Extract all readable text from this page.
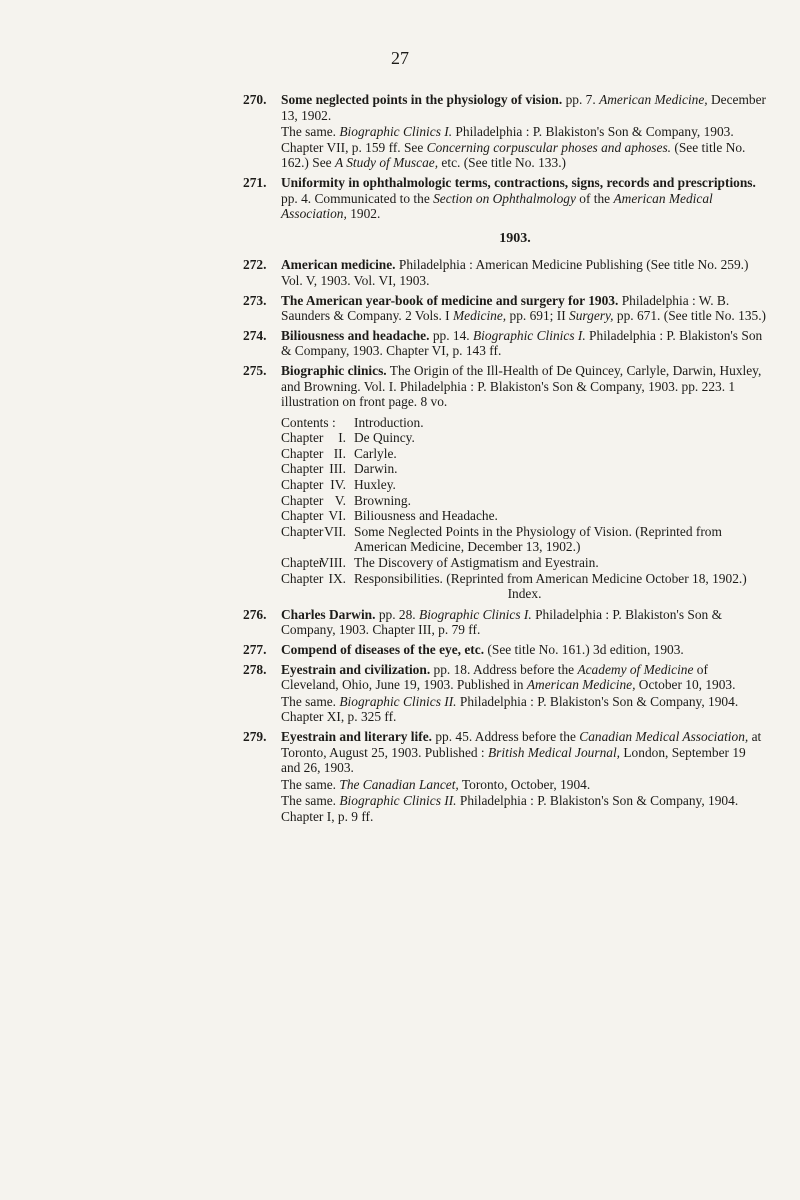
27
270. Some neglected points in the physiology of vision. pp. 7. American Medicine, December 13, 1902.
The same. Biographic Clinics I. Philadelphia : P. Blakiston's Son & Company, 1903. Chapter VII, p. 159 ff. See Concerning corpuscular phoses and aphoses. (See title No. 162.) See A Study of Muscae, etc. (See title No. 133.)
271. Uniformity in ophthalmologic terms, contractions, signs, records and prescriptions. pp. 4. Communicated to the Section on Ophthalmology of the American Medical Association, 1902.
1903.
272. American medicine. Philadelphia : American Medicine Publishing (See title No. 259.) Vol. V, 1903. Vol. VI, 1903.
273. The American year-book of medicine and surgery for 1903. Philadelphia : W. B. Saunders & Company. 2 Vols. I Medicine, pp. 691; II Surgery, pp. 671. (See title No. 135.)
274. Biliousness and headache. pp. 14. Biographic Clinics I. Philadelphia : P. Blakiston's Son & Company, 1903. Chapter VI, p. 143 ff.
275. Biographic clinics. The Origin of the Ill-Health of De Quincey, Carlyle, Darwin, Huxley, and Browning. Vol. I. Philadelphia : P. Blakiston's Son & Company, 1903. pp. 223. 1 illustration on front page. 8 vo.
Contents :	Introduction.
Chapter	I. De Quincy.
Chapter II. Carlyle.
Chapter III. Darwin.
Chapter IV. Huxley.
Chapter V. Browning.
Chapter VI. Biliousness and Headache.
Chapter VII. Some Neglected Points in the Physiology of Vision. (Reprinted from American Medicine, December 13, 1902.)
Chapter
VIII. The Discovery of Astigmatism and Eyestrain.
Chapter IX. Responsibilities. (Reprinted from American Medicine October 18, 1902.)
Index.
276. Charles Darwin. pp. 28. Biographic Clinics I. Philadelphia : P. Blakiston's Son & Company, 1903. Chapter III, p. 79 ff.
277. Compend of diseases of the eye, etc. (See title No. 161.) 3d edition, 1903.
278. Eyestrain and civilization. pp. 18. Address before the Academy of Medicine of Cleveland, Ohio, June 19, 1903. Published in American Medicine, October 10, 1903.
The same. Biographic Clinics II. Philadelphia : P. Blakiston's Son & Company, 1904. Chapter XI, p. 325 ff.
279. Eyestrain and literary life. pp. 45. Address before the Canadian Medical Association, at Toronto, August 25, 1903. Published : British Medical Journal, London, September 19 and 26, 1903.
The same. The Canadian Lancet, Toronto, October, 1904.
The same. Biographic Clinics II. Philadelphia : P. Blakiston's Son & Company, 1904. Chapter I, p. 9 ff.
